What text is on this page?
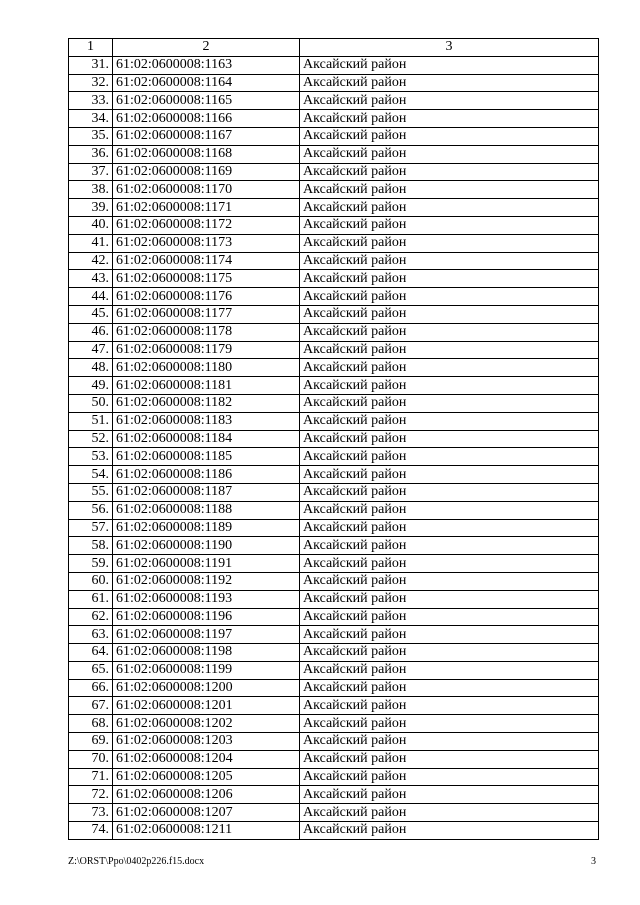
1	2	3
31.	61:02:0600008:1163	Аксайский район
32.	61:02:0600008:1164	Аксайский район
33.	61:02:0600008:1165	Аксайский район
34.	61:02:0600008:1166	Аксайский район
35.	61:02:0600008:1167	Аксайский район
36.	61:02:0600008:1168	Аксайский район
37.	61:02:0600008:1169	Аксайский район
38.	61:02:0600008:1170	Аксайский район
39.	61:02:0600008:1171	Аксайский район
40.	61:02:0600008:1172	Аксайский район
41.	61:02:0600008:1173	Аксайский район
42.	61:02:0600008:1174	Аксайский район
43.	61:02:0600008:1175	Аксайский район
44.	61:02:0600008:1176	Аксайский район
45.	61:02:0600008:1177	Аксайский район
46.	61:02:0600008:1178	Аксайский район
47.	61:02:0600008:1179	Аксайский район
48.	61:02:0600008:1180	Аксайский район
49.	61:02:0600008:1181	Аксайский район
50.	61:02:0600008:1182	Аксайский район
51.	61:02:0600008:1183	Аксайский район
52.	61:02:0600008:1184	Аксайский район
53.	61:02:0600008:1185	Аксайский район
54.	61:02:0600008:1186	Аксайский район
55.	61:02:0600008:1187	Аксайский район
56.	61:02:0600008:1188	Аксайский район
57.	61:02:0600008:1189	Аксайский район
58.	61:02:0600008:1190	Аксайский район
59.	61:02:0600008:1191	Аксайский район
60.	61:02:0600008:1192	Аксайский район
61.	61:02:0600008:1193	Аксайский район
62.	61:02:0600008:1196	Аксайский район
63.	61:02:0600008:1197	Аксайский район
64.	61:02:0600008:1198	Аксайский район
65.	61:02:0600008:1199	Аксайский район
66.	61:02:0600008:1200	Аксайский район
67.	61:02:0600008:1201	Аксайский район
68.	61:02:0600008:1202	Аксайский район
69.	61:02:0600008:1203	Аксайский район
70.	61:02:0600008:1204	Аксайский район
71.	61:02:0600008:1205	Аксайский район
72.	61:02:0600008:1206	Аксайский район
73.	61:02:0600008:1207	Аксайский район
74.	61:02:0600008:1211	Аксайский район
Z:\ORST\Ppo\0402p226.f15.docx	3
